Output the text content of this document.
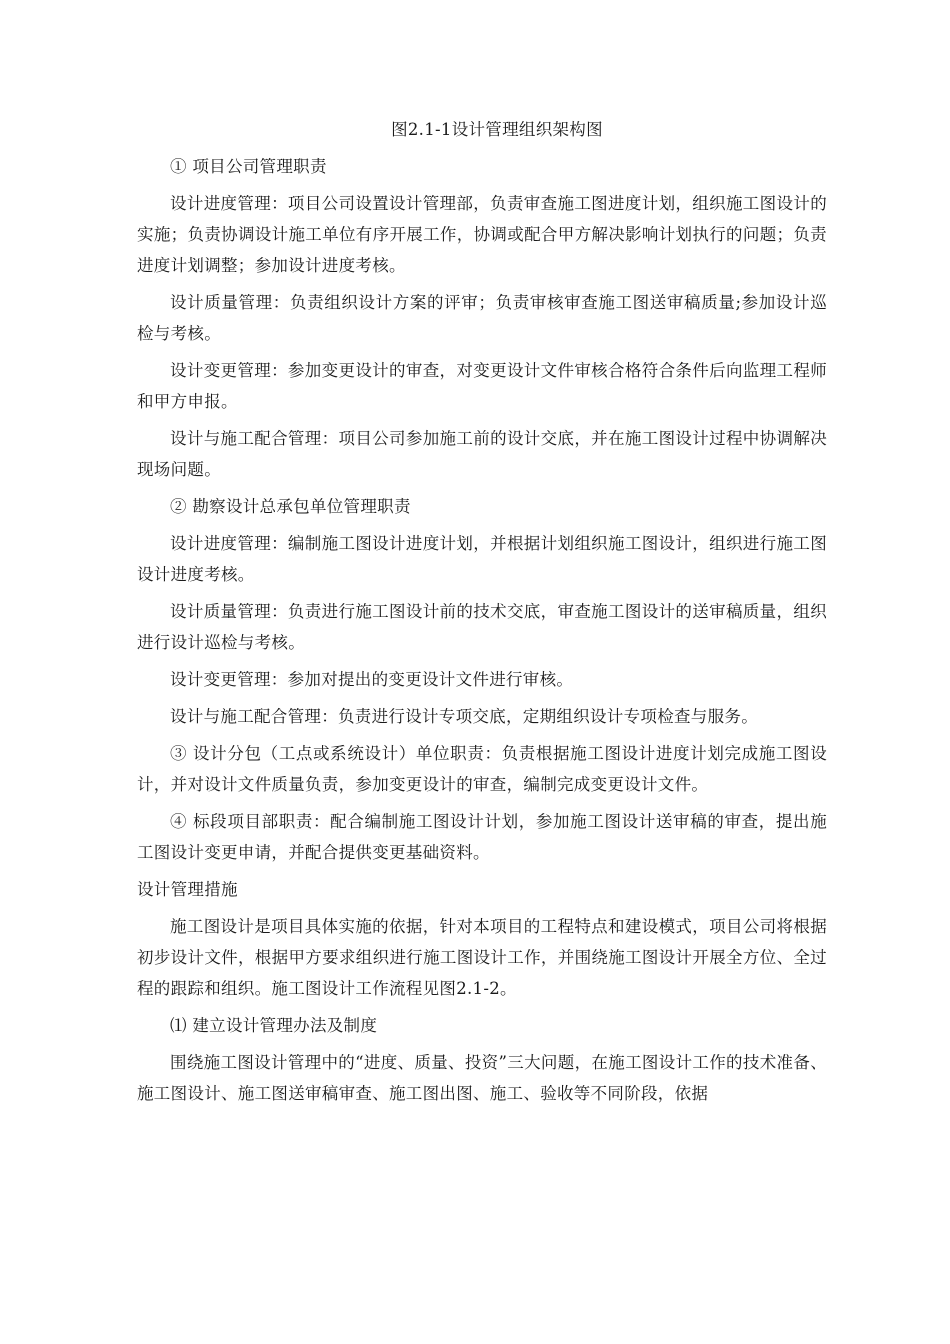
图2.1-1设计管理组织架构图

① 项目公司管理职责

设计进度管理：项目公司设置设计管理部，负责审查施工图进度计划，组织施工图设计的实施；负责协调设计施工单位有序开展工作，协调或配合甲方解决影响计划执行的问题；负责进度计划调整；参加设计进度考核。

设计质量管理：负责组织设计方案的评审；负责审核审查施工图送审稿质量;参加设计巡检与考核。

设计变更管理：参加变更设计的审查，对变更设计文件审核合格符合条件后向监理工程师和甲方申报。

设计与施工配合管理：项目公司参加施工前的设计交底，并在施工图设计过程中协调解决现场问题。

② 勘察设计总承包单位管理职责

设计进度管理：编制施工图设计进度计划，并根据计划组织施工图设计，组织进行施工图设计进度考核。

设计质量管理：负责进行施工图设计前的技术交底，审查施工图设计的送审稿质量，组织进行设计巡检与考核。

设计变更管理：参加对提出的变更设计文件进行审核。

设计与施工配合管理：负责进行设计专项交底，定期组织设计专项检查与服务。

③ 设计分包（工点或系统设计）单位职责：负责根据施工图设计进度计划完成施工图设计，并对设计文件质量负责，参加变更设计的审查，编制完成变更设计文件。

④ 标段项目部职责：配合编制施工图设计计划，参加施工图设计送审稿的审查，提出施工图设计变更申请，并配合提供变更基础资料。

设计管理措施

施工图设计是项目具体实施的依据，针对本项目的工程特点和建设模式，项目公司将根据初步设计文件，根据甲方要求组织进行施工图设计工作，并围绕施工图设计开展全方位、全过程的跟踪和组织。施工图设计工作流程见图2.1-2。

⑴ 建立设计管理办法及制度

围绕施工图设计管理中的“进度、质量、投资”三大问题，在施工图设计工作的技术准备、施工图设计、施工图送审稿审查、施工图出图、施工、验收等不同阶段，依据
